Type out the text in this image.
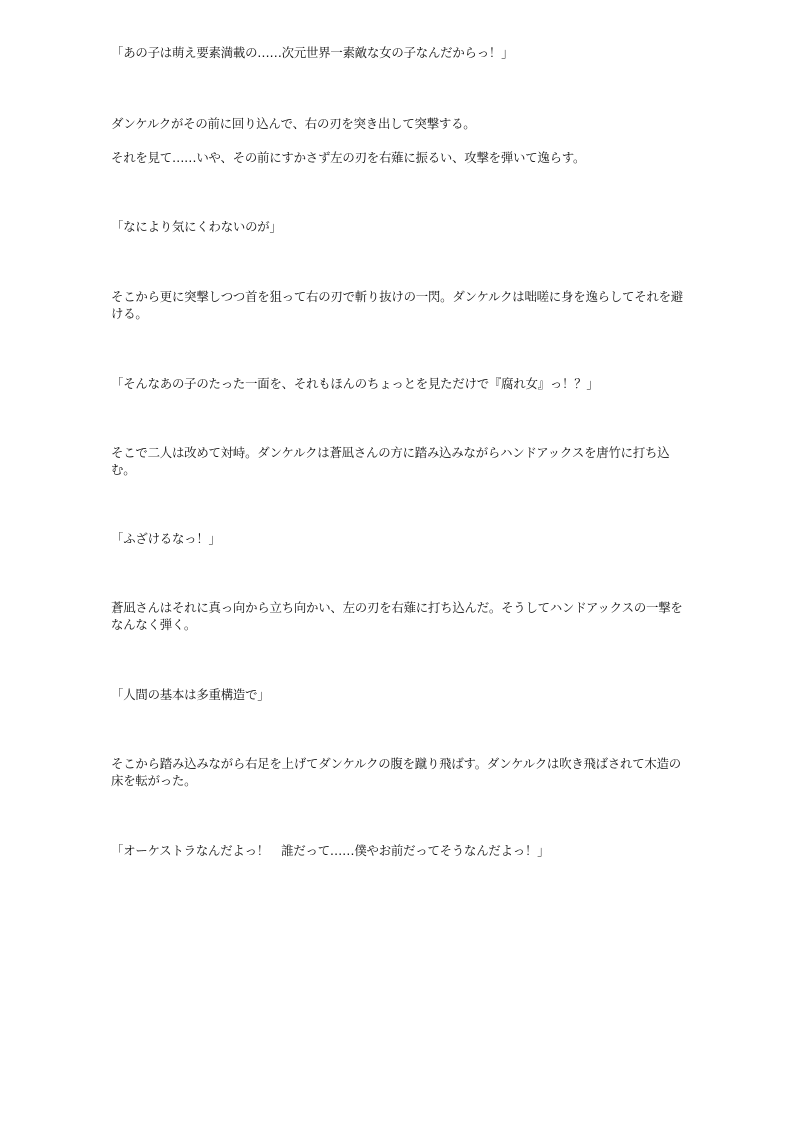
「あの子は萌え要素満載の……次元世界一素敵な女の子なんだからっ！」

ダンケルクがその前に回り込んで、右の刃を突き出して突撃する。

それを見て……いや、その前にすかさず左の刃を右薙に振るい、攻撃を弾いて逸らす。

「なにより気にくわないのが」

そこから更に突撃しつつ首を狙って右の刃で斬り抜けの一閃。ダンケルクは咄嗟に身を逸らしてそれを避ける。

「そんなあの子のたった一面を、それもほんのちょっとを見ただけで『腐れ女』っ！？」

そこで二人は改めて対峙。ダンケルクは蒼凪さんの方に踏み込みながらハンドアックスを唐竹に打ち込む。

「ふざけるなっ！」

蒼凪さんはそれに真っ向から立ち向かい、左の刃を右薙に打ち込んだ。そうしてハンドアックスの一撃をなんなく弾く。

「人間の基本は多重構造で」

そこから踏み込みながら右足を上げてダンケルクの腹を蹴り飛ばす。ダンケルクは吹き飛ばされて木造の床を転がった。

「オーケストラなんだよっ！　誰だって……僕やお前だってそうなんだよっ！」
